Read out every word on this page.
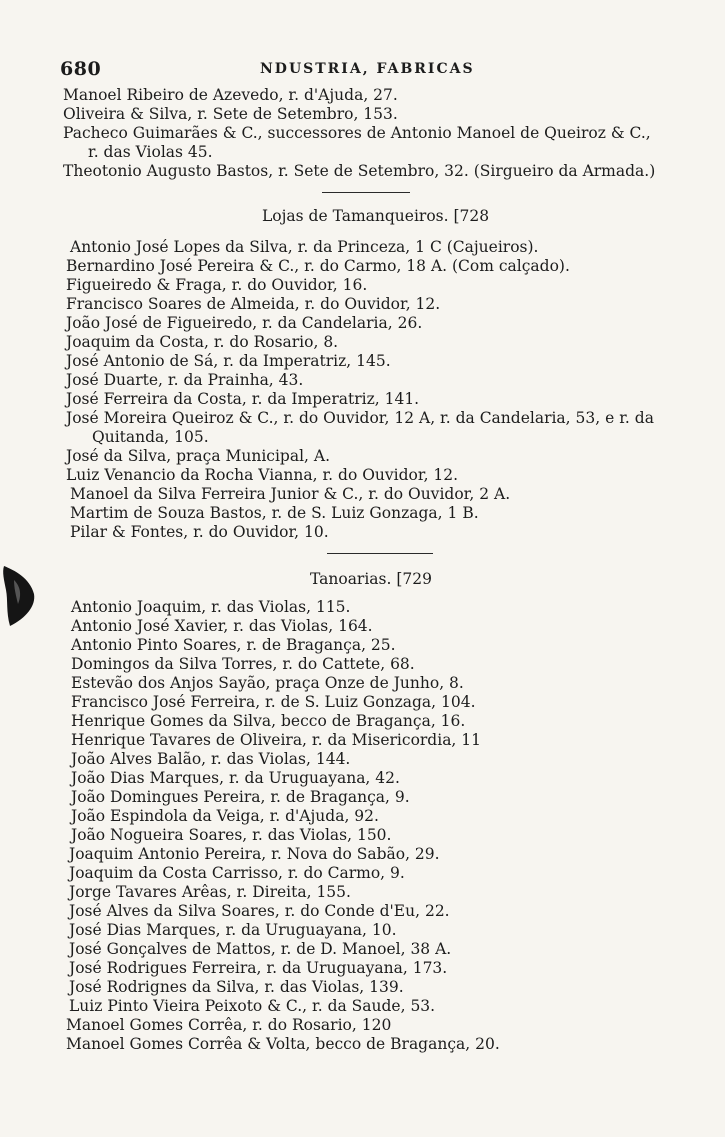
680	NDUSTRIA, FABRICAS
Manoel Ribeiro de Azevedo, r. d'Ajuda, 27.
Oliveira & Silva, r. Sete de Setembro, 153.
Pacheco Guimarães & C., successores de Antonio Manoel de Queiroz & C.,
r. das Violas 45.
Theotonio Augusto Bastos, r. Sete de Setembro, 32. (Sirgueiro da Armada.)
Lojas de Tamanqueiros. [728
Antonio José Lopes da Silva, r. da Princeza, 1 C (Cajueiros).
Bernardino José Pereira & C., r. do Carmo, 18 A. (Com calçado).
Figueiredo & Fraga, r. do Ouvidor, 16.
Francisco Soares de Almeida, r. do Ouvidor, 12.
João José de Figueiredo, r. da Candelaria, 26.
Joaquim da Costa, r. do Rosario, 8.
José Antonio de Sá, r. da Imperatriz, 145.
José Duarte, r. da Prainha, 43.
José Ferreira da Costa, r. da Imperatriz, 141.
José Moreira Queiroz & C., r. do Ouvidor, 12 A, r. da Candelaria, 53, e r. da
Quitanda, 105.
José da Silva, praça Municipal, A.
Luiz Venancio da Rocha Vianna, r. do Ouvidor, 12.
Manoel da Silva Ferreira Junior & C., r. do Ouvidor, 2 A.
Martim de Souza Bastos, r. de S. Luiz Gonzaga, 1 B.
Pilar & Fontes, r. do Ouvidor, 10.
Tanoarias. [729
Antonio Joaquim, r. das Violas, 115.
Antonio José Xavier, r. das Violas, 164.
Antonio Pinto Soares, r. de Bragança, 25.
Domingos da Silva Torres, r. do Cattete, 68.
Estevão dos Anjos Sayão, praça Onze de Junho, 8.
Francisco José Ferreira, r. de S. Luiz Gonzaga, 104.
Henrique Gomes da Silva, becco de Bragança, 16.
Henrique Tavares de Oliveira, r. da Misericordia, 11
João Alves Balão, r. das Violas, 144.
João Dias Marques, r. da Uruguayana, 42.
João Domingues Pereira, r. de Bragança, 9.
João Espindola da Veiga, r. d'Ajuda, 92.
João Nogueira Soares, r. das Violas, 150.
Joaquim Antonio Pereira, r. Nova do Sabão, 29.
Joaquim da Costa Carrisso, r. do Carmo, 9.
Jorge Tavares Arêas, r. Direita, 155.
José Alves da Silva Soares, r. do Conde d'Eu, 22.
José Dias Marques, r. da Uruguayana, 10.
José Gonçalves de Mattos, r. de D. Manoel, 38 A.
José Rodrigues Ferreira, r. da Uruguayana, 173.
José Rodrignes da Silva, r. das Violas, 139.
Luiz Pinto Vieira Peixoto & C., r. da Saude, 53.
Manoel Gomes Corrêa, r. do Rosario, 120
Manoel Gomes Corrêa & Volta, becco de Bragança, 20.
